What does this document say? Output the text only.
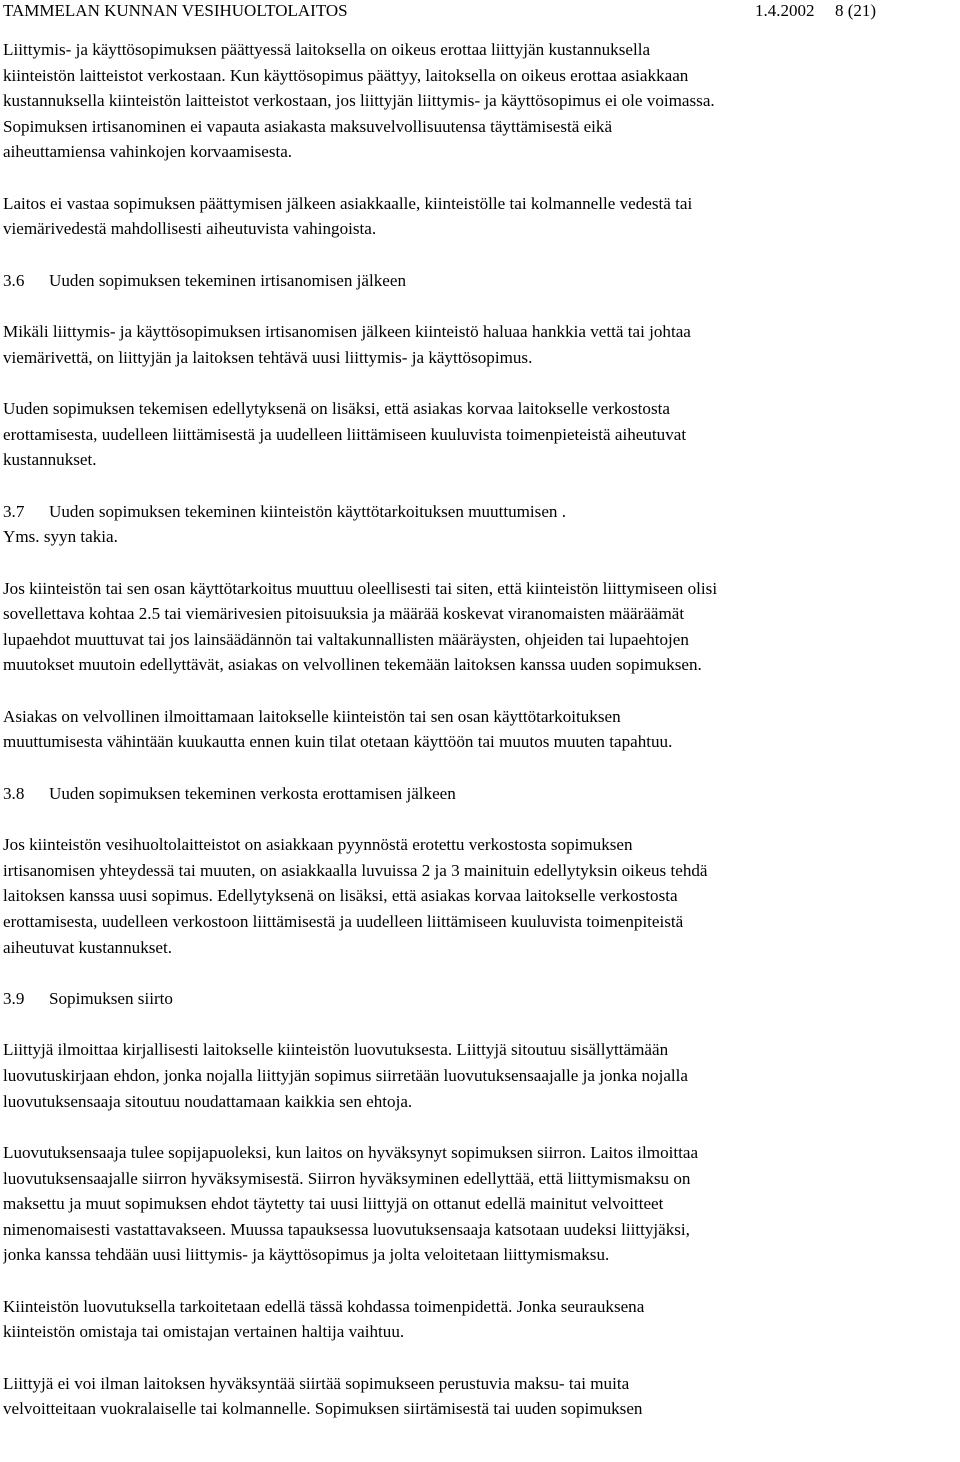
TAMMELAN KUNNAN VESIHUOLTOLAITOS	1.4.2002 8 (21)
Liittymis- ja käyttösopimuksen päättyessä laitoksella on oikeus erottaa liittyjän kustannuksella
kiinteistön laitteistot verkostaan. Kun käyttösopimus päättyy, laitoksella on oikeus erottaa asiakkaan
kustannuksella kiinteistön laitteistot verkostaan, jos liittyjän liittymis- ja käyttösopimus ei ole voimassa.
Sopimuksen irtisanominen ei vapauta asiakasta maksuvelvollisuutensa täyttämisestä eikä
aiheuttamiensa vahinkojen korvaamisesta.
Laitos ei vastaa sopimuksen päättymisen jälkeen asiakkaalle, kiinteistölle tai kolmannelle vedestä tai
viemärivedestä mahdollisesti aiheutuvista vahingoista.
3.6 Uuden sopimuksen tekeminen irtisanomisen jälkeen
Mikäli liittymis- ja käyttösopimuksen irtisanomisen jälkeen kiinteistö haluaa hankkia vettä tai johtaa
viemärivettä, on liittyjän ja laitoksen tehtävä uusi liittymis- ja käyttösopimus.
Uuden sopimuksen tekemisen edellytyksenä on lisäksi, että asiakas korvaa laitokselle verkostosta
erottamisesta, uudelleen liittämisestä ja uudelleen liittämiseen kuuluvista toimenpieteistä aiheutuvat
kustannukset.
3.7 Uuden sopimuksen tekeminen kiinteistön käyttötarkoituksen muuttumisen .
Yms. syyn takia.
Jos kiinteistön tai sen osan käyttötarkoitus muuttuu oleellisesti tai siten, että kiinteistön liittymiseen olisi
sovellettava kohtaa 2.5 tai viemärivesien pitoisuuksia ja määrää koskevat viranomaisten määräämät
lupaehdot muuttuvat tai jos lainsäädännön tai valtakunnallisten määräysten, ohjeiden tai lupaehtojen
muutokset muutoin edellyttävät, asiakas on velvollinen tekemään laitoksen kanssa uuden sopimuksen.
Asiakas on velvollinen ilmoittamaan laitokselle kiinteistön tai sen osan käyttötarkoituksen
muuttumisesta vähintään kuukautta ennen kuin tilat otetaan käyttöön tai muutos muuten tapahtuu.
3.8 Uuden sopimuksen tekeminen verkosta erottamisen jälkeen
Jos kiinteistön vesihuoltolaitteistot on asiakkaan pyynnöstä erotettu verkostosta sopimuksen
irtisanomisen yhteydessä tai muuten, on asiakkaalla luvuissa 2 ja 3 mainituin edellytyksin oikeus tehdä
laitoksen kanssa uusi sopimus. Edellytyksenä on lisäksi, että asiakas korvaa laitokselle verkostosta
erottamisesta, uudelleen verkostoon liittämisestä ja uudelleen liittämiseen kuuluvista toimenpiteistä
aiheutuvat kustannukset.
3.9 Sopimuksen siirto
Liittyjä ilmoittaa kirjallisesti laitokselle kiinteistön luovutuksesta. Liittyjä sitoutuu sisällyttämään
luovutuskirjaan ehdon, jonka nojalla liittyjän sopimus siirretään luovutuksensaajalle ja jonka nojalla
luovutuksensaaja sitoutuu noudattamaan kaikkia sen ehtoja.
Luovutuksensaaja tulee sopijapuoleksi, kun laitos on hyväksynyt sopimuksen siirron. Laitos ilmoittaa
luovutuksensaajalle siirron hyväksymisestä. Siirron hyväksyminen edellyttää, että liittymismaksu on
maksettu ja muut sopimuksen ehdot täytetty tai uusi liittyjä on ottanut edellä mainitut velvoitteet
nimenomaisesti vastattavakseen. Muussa tapauksessa luovutuksensaaja katsotaan uudeksi liittyjäksi,
jonka kanssa tehdään uusi liittymis- ja käyttösopimus ja jolta veloitetaan liittymismaksu.
Kiinteistön luovutuksella tarkoitetaan edellä tässä kohdassa toimenpidettä. Jonka seurauksena
kiinteistön omistaja tai omistajan vertainen haltija vaihtuu.
Liittyjä ei voi ilman laitoksen hyväksyntää siirtää sopimukseen perustuvia maksu- tai muita
velvoitteitaan vuokralaiselle tai kolmannelle. Sopimuksen siirtämisestä tai uuden sopimuksen
